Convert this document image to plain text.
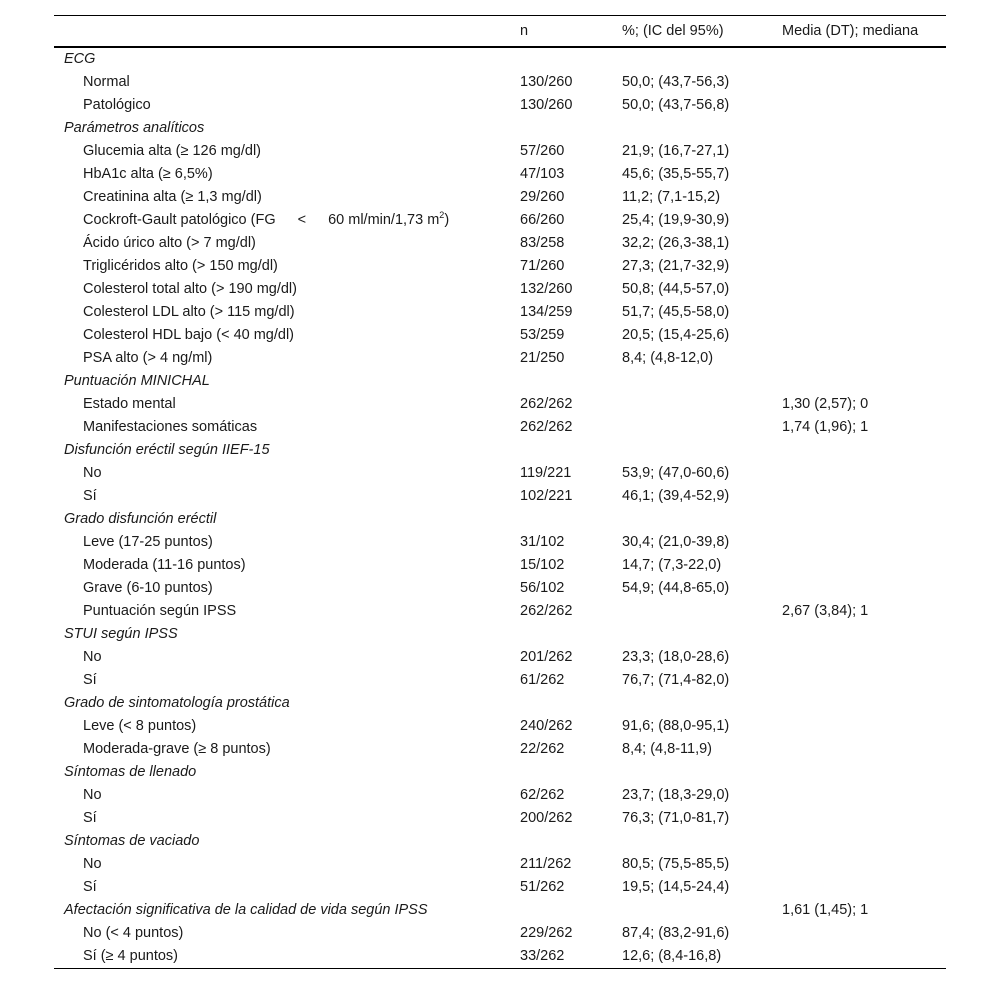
	n	%; (IC del 95%)	Media (DT); mediana
ECG			
Normal	130/260	50,0; (43,7-56,3)	
Patológico	130/260	50,0; (43,7-56,8)	
Parámetros analíticos			
Glucemia alta (≥ 126 mg/dl)	57/260	21,9; (16,7-27,1)	
HbA1c alta (≥ 6,5%)	47/103	45,6; (35,5-55,7)	
Creatinina alta (≥ 1,3 mg/dl)	29/260	11,2; (7,1-15,2)	
Cockroft-Gault patológico (FG < 60 ml/min/1,73 $m^2$)	66/260	25,4; (19,9-30,9)	
Ácido úrico alto (> 7 mg/dl)	83/258	32,2; (26,3-38,1)	
Triglicéridos alto (> 150 mg/dl)	71/260	27,3; (21,7-32,9)	
Colesterol total alto (> 190 mg/dl)	132/260	50,8; (44,5-57,0)	
Colesterol LDL alto (> 115 mg/dl)	134/259	51,7; (45,5-58,0)	
Colesterol HDL bajo (< 40 mg/dl)	53/259	20,5; (15,4-25,6)	
PSA alto (> 4 ng/ml)	21/250	8,4; (4,8-12,0)	
Puntuación MINICHAL			
Estado mental	262/262		1,30 (2,57); 0
Manifestaciones somáticas	262/262		1,74 (1,96); 1
Disfunción eréctil según IIEF-15			
No	119/221	53,9; (47,0-60,6)	
Sí	102/221	46,1; (39,4-52,9)	
Grado disfunción eréctil			
Leve (17-25 puntos)	31/102	30,4; (21,0-39,8)	
Moderada (11-16 puntos)	15/102	14,7; (7,3-22,0)	
Grave (6-10 puntos)	56/102	54,9; (44,8-65,0)	
Puntuación según IPSS	262/262		2,67 (3,84); 1
STUI según IPSS			
No	201/262	23,3; (18,0-28,6)	
Sí	61/262	76,7; (71,4-82,0)	
Grado de sintomatología prostática			
Leve (< 8 puntos)	240/262	91,6; (88,0-95,1)	
Moderada-grave (≥ 8 puntos)	22/262	8,4; (4,8-11,9)	
Síntomas de llenado			
No	62/262	23,7; (18,3-29,0)	
Sí	200/262	76,3; (71,0-81,7)	
Síntomas de vaciado			
No	211/262	80,5; (75,5-85,5)	
Sí	51/262	19,5; (14,5-24,4)	
Afectación significativa de la calidad de vida según IPSS			1,61 (1,45); 1
No (< 4 puntos)	229/262	87,4; (83,2-91,6)	
Sí (≥ 4 puntos)	33/262	12,6; (8,4-16,8)	
